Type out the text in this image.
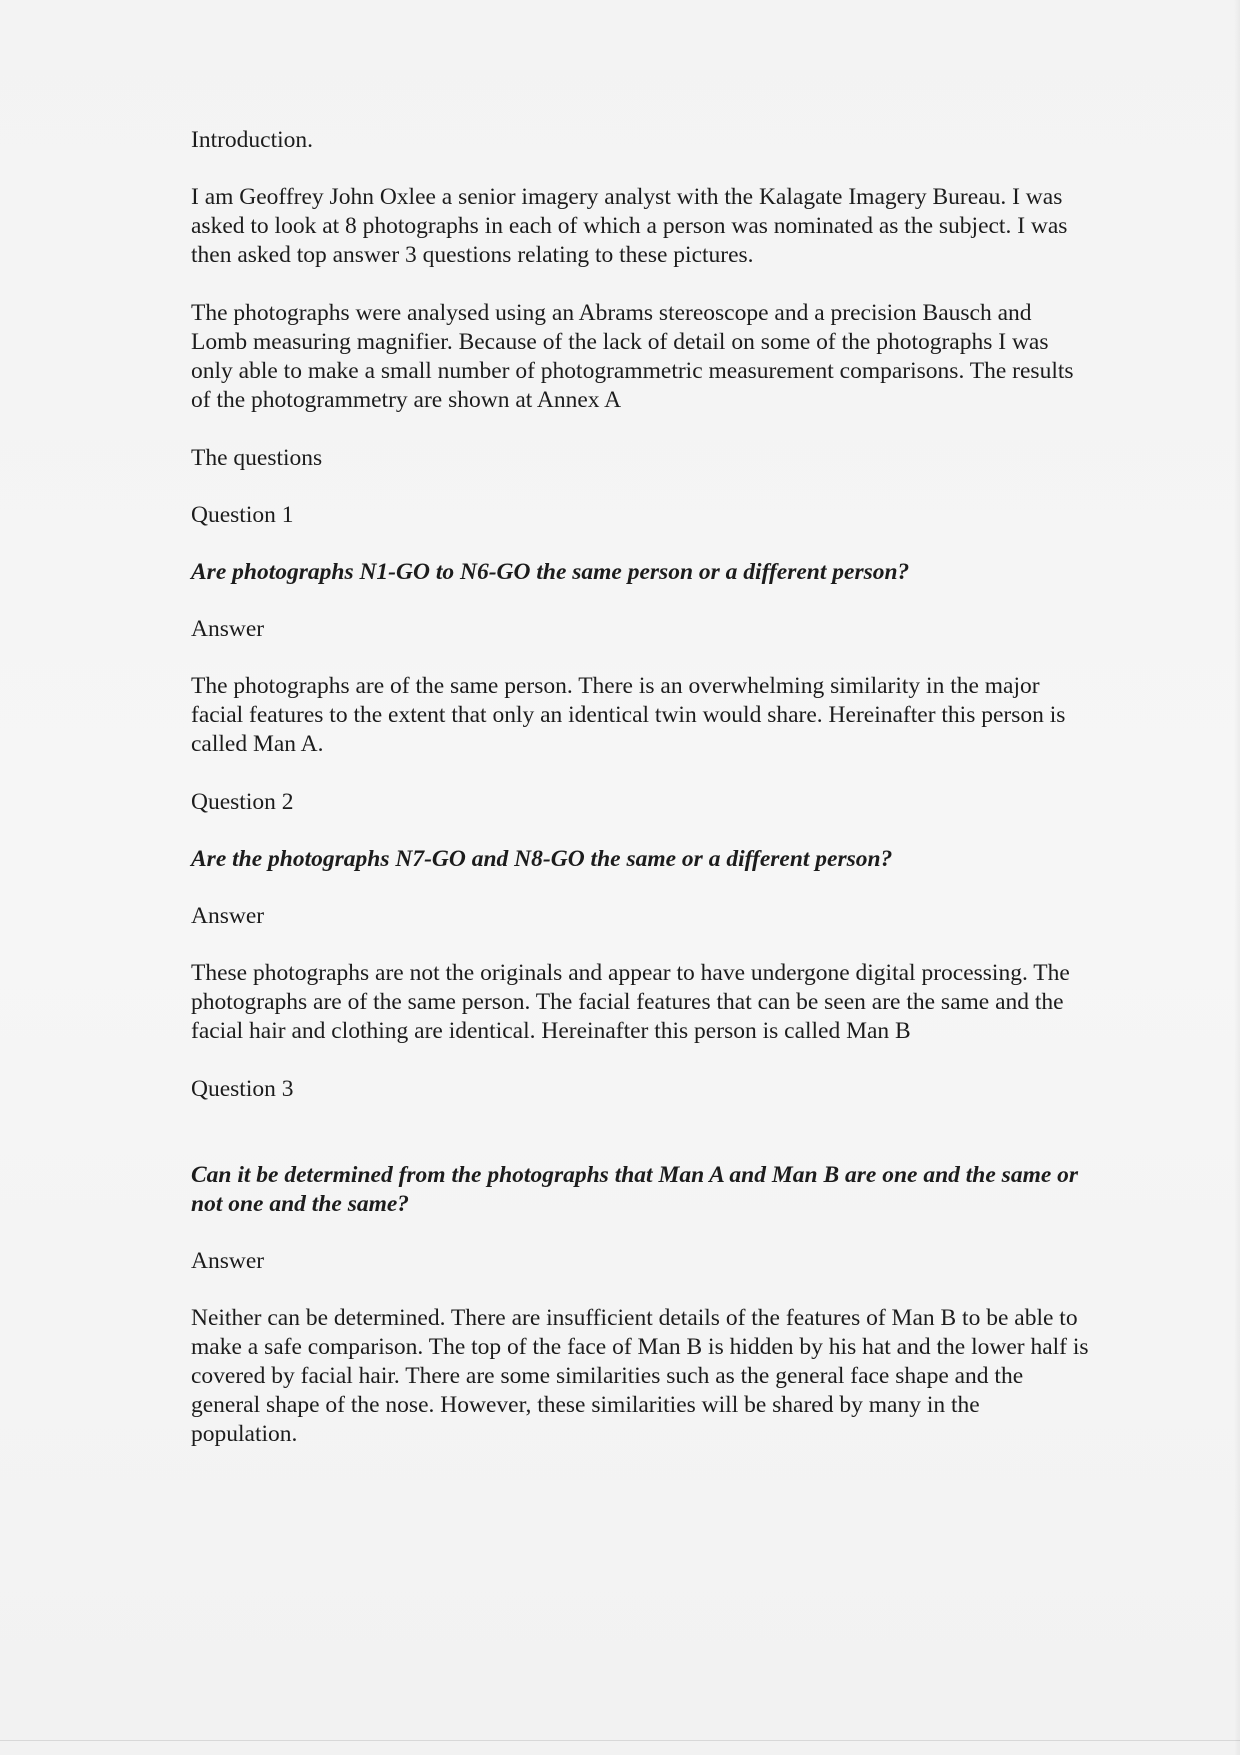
Introduction.

I am Geoffrey John Oxlee a senior imagery analyst with the Kalagate Imagery Bureau. I was asked to look at 8 photographs in each of which a person was nominated as the subject. I was then asked top answer 3 questions relating to these pictures.

The photographs were analysed using an Abrams stereoscope and a precision Bausch and Lomb measuring magnifier. Because of the lack of detail on some of the photographs I was only able to make a small number of photogrammetric measurement comparisons. The results of the photogrammetry are shown at Annex A

The questions

Question 1

Are photographs N1-GO to N6-GO the same person or a different person?

Answer

The photographs are of the same person. There is an overwhelming similarity in the major facial features to the extent that only an identical twin would share. Hereinafter this person is called Man A.

Question 2

Are the photographs N7-GO and N8-GO the same or a different person?

Answer

These photographs are not the originals and appear to have undergone digital processing. The photographs are of the same person. The facial features that can be seen are the same and the facial hair and clothing are identical. Hereinafter this person is called Man B

Question 3

Can it be determined from the photographs that Man A and Man B are one and the same or not one and the same?

Answer

Neither can be determined. There are insufficient details of the features of Man B to be able to make a safe comparison. The top of the face of Man B is hidden by his hat and the lower half is covered by facial hair. There are some similarities such as the general face shape and the general shape of the nose. However, these similarities will be shared by many in the population.
